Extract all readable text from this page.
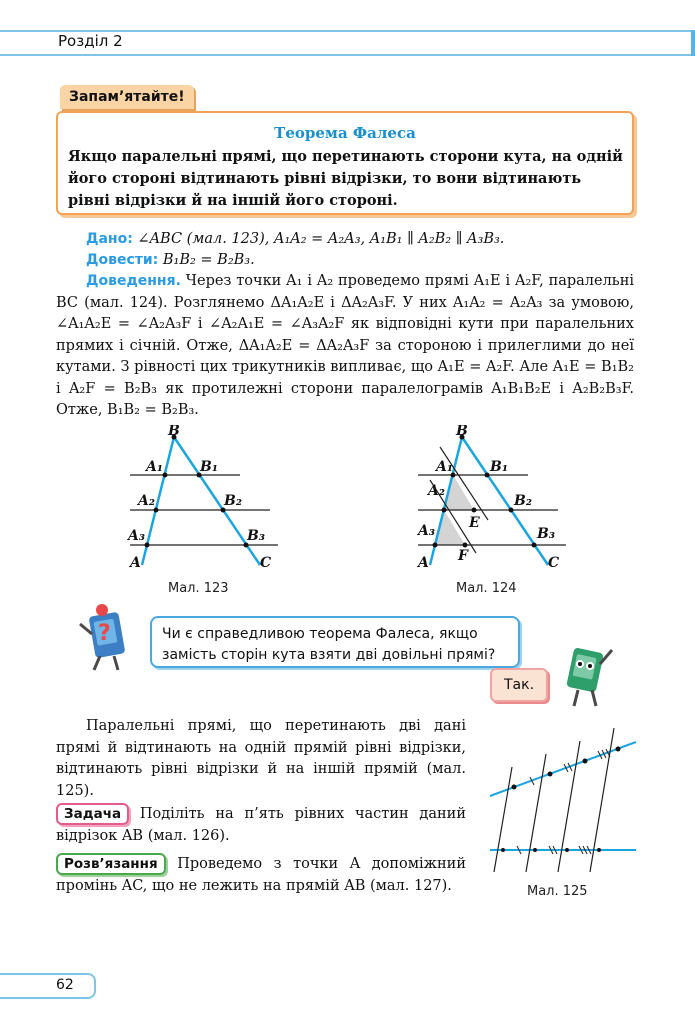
Розділ 2
Запам’ятайте!
Теорема Фалеса
Якщо паралельні прямі, що перетинають сторони кута, на одній його стороні відтинають рівні відрізки, то вони відтинають рівні відрізки й на іншій його стороні.
Дано: ∠ABC (мал. 123), A₁A₂ = A₂A₃, A₁B₁ ∥ A₂B₂ ∥ A₃B₃.
Довести: B₁B₂ = B₂B₃.
Доведення. Через точки A₁ і A₂ проведемо прямі A₁E і A₂F, паралельні BC (мал. 124). Розглянемо ΔA₁A₂E і ΔA₂A₃F. У них A₁A₂ = A₂A₃ за умовою, ∠A₁A₂E = ∠A₂A₃F і ∠A₂A₁E = ∠A₃A₂F як відповідні кути при паралельних прямих і січній. Отже, ΔA₁A₂E = ΔA₂A₃F за стороною і прилеглими до неї кутами. З рівності цих трикутників випливає, що A₁E = A₂F. Але A₁E = B₁B₂ і A₂F = B₂B₃ як протилежні сторони паралелограмів A₁B₁B₂E і A₂B₂B₃F. Отже, B₁B₂ = B₂B₃.
B
A₁	B₁
A₂	B₂
A₃	B₃
A	C
Мал. 123
B
A₁	B₁
A₂
B₂
A₃	B₃
A	C
E
F
Мал. 124
?	Чи є справедливою теорема Фалеса, якщо замість сторін кута взяти дві довільні прямі?
Так.
Паралельні прямі, що перетинають дві дані прямі й відтинають на одній прямій рівні відрізки, відтинають рівні відрізки й на іншій прямій (мал. 125).
Задача Поділіть на п’ять рівних частин даний відрізок AB (мал. 126).
Розв’язання Проведемо з точки A допоміжний промінь AC, що не лежить на прямій AB (мал. 127).	Мал. 125
62
